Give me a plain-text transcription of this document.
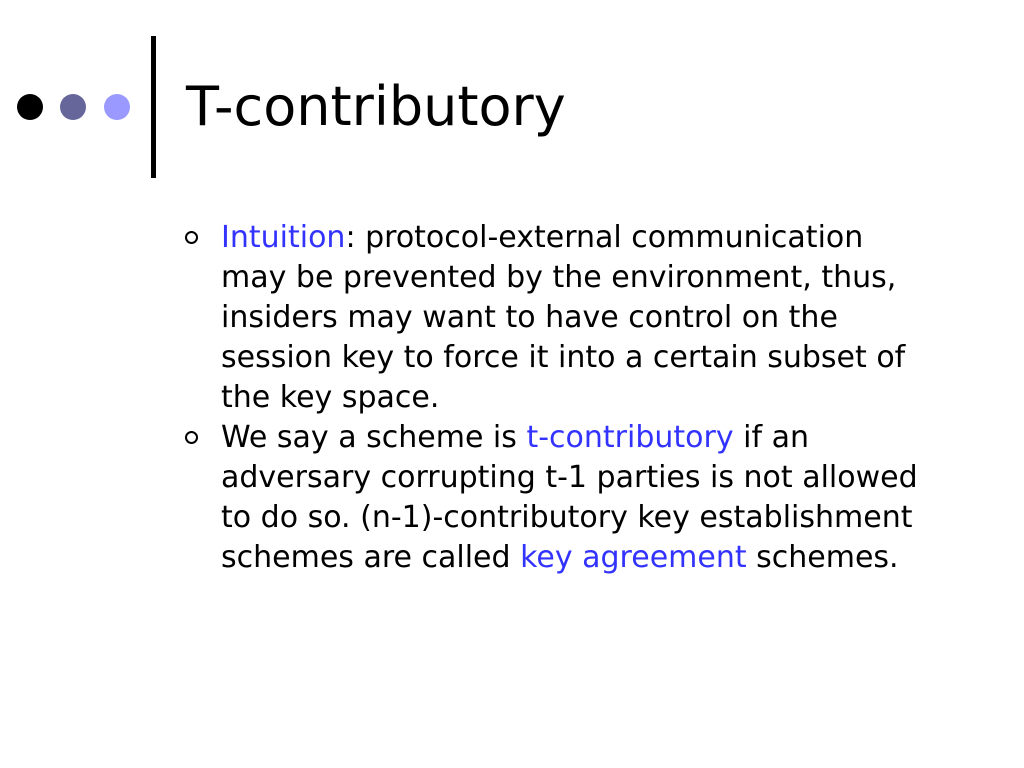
T-contributory
Intuition: protocol-external communication may be prevented by the environment, thus, insiders may want to have control on the session key to force it into a certain subset of the key space.
We say a scheme is t-contributory if an adversary corrupting t-1 parties is not allowed to do so. (n-1)-contributory key establishment schemes are called key agreement schemes.
